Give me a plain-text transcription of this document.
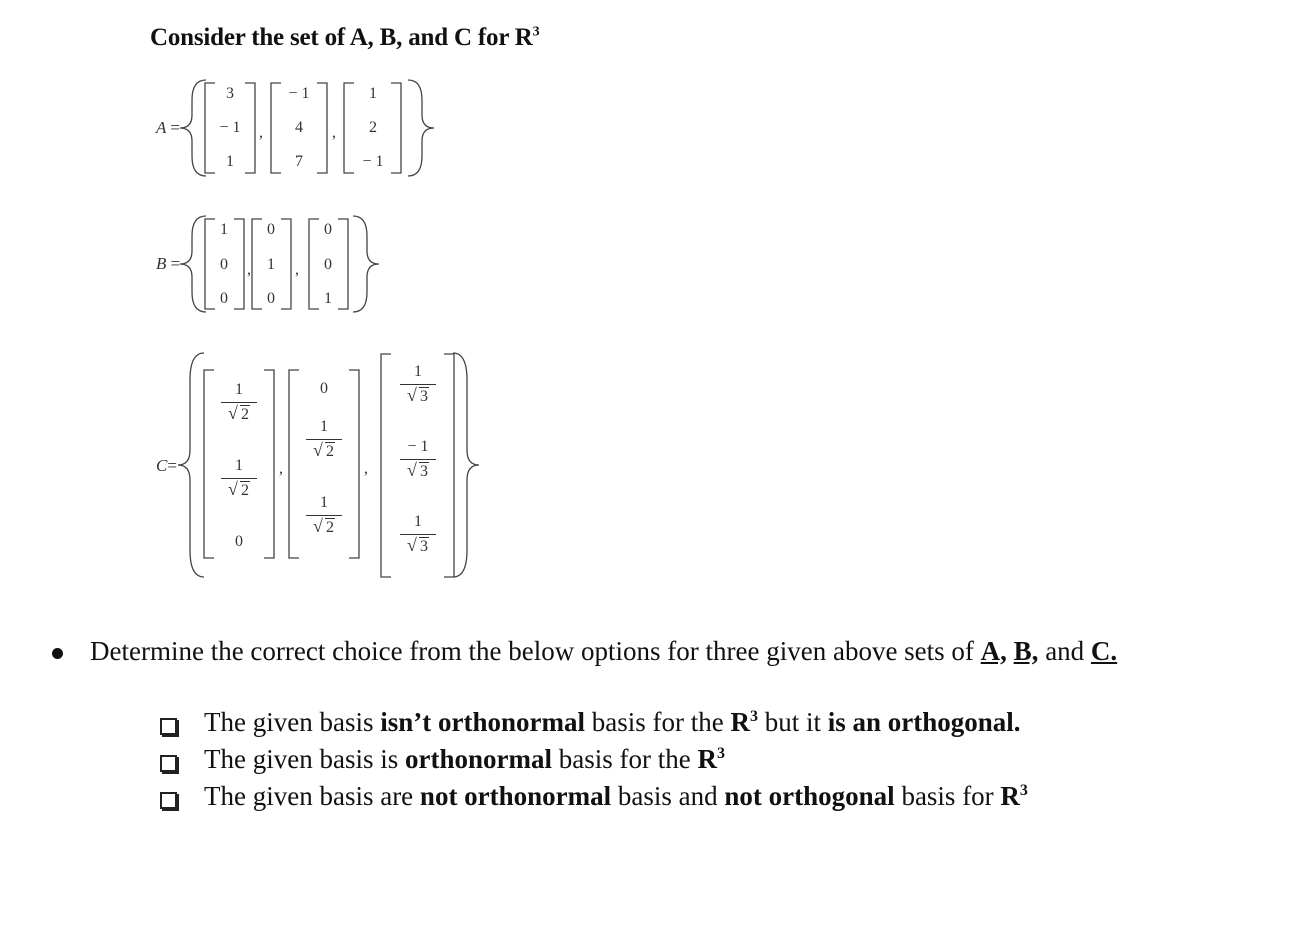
Consider the set of A, B, and C for $R^3$
A =
3
− 1
1
,
− 1
4
7
,
1
2
− 1
B =
1
0
0
,
0
1
0
,
0
0
1
C=
1
√ 2
1
√ 2
0
,
0
1
√ 2
1
√ 2
,
1
√ 3
− 1
√ 3
1
√ 3
Determine the correct choice from the below options for three given above sets of A, B, and C.
The given basis isn’t orthonormal basis for the $R^3$ but it is an orthogonal.
The given basis is orthonormal basis for the $R^3$
The given basis are not orthonormal basis and not orthogonal basis for $R^3$
